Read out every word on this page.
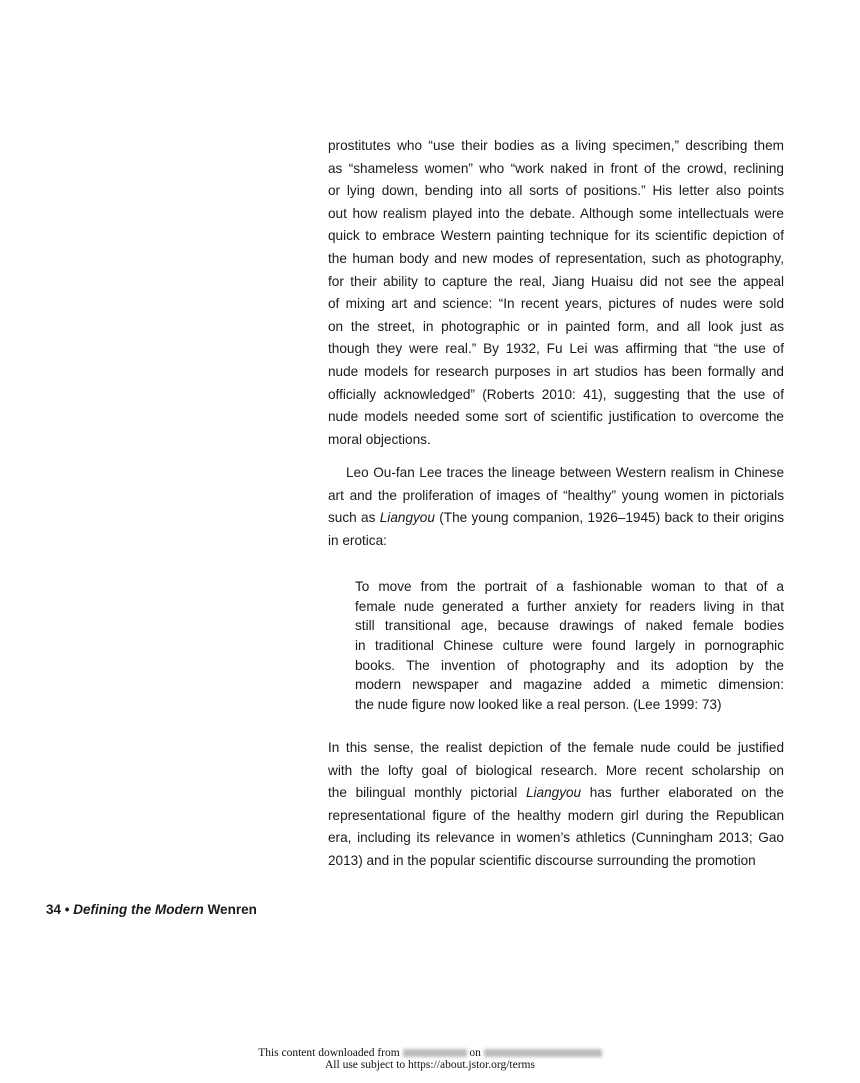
prostitutes who “use their bodies as a living specimen,” describing them
as “shameless women” who “work naked in front of the crowd, reclining
or lying down, bending into all sorts of positions.” His letter also points
out how realism played into the debate. Although some intellectuals were
quick to embrace Western painting technique for its scientific depiction of
the human body and new modes of representation, such as photography,
for their ability to capture the real, Jiang Huaisu did not see the appeal
of mixing art and science: “In recent years, pictures of nudes were sold
on the street, in photographic or in painted form, and all look just as
though they were real.” By 1932, Fu Lei was affirming that “the use of
nude models for research purposes in art studios has been formally and
officially acknowledged” (Roberts 2010: 41), suggesting that the use of
nude models needed some sort of scientific justification to overcome the
moral objections.
Leo Ou-fan Lee traces the lineage between Western realism in Chinese
art and the proliferation of images of “healthy” young women in pictorials
such as Liangyou (The young companion, 1926–1945) back to their origins
in erotica:
To move from the portrait of a fashionable woman to that of a
female nude generated a further anxiety for readers living in that
still transitional age, because drawings of naked female bodies
in traditional Chinese culture were found largely in pornographic
books. The invention of photography and its adoption by the
modern newspaper and magazine added a mimetic dimension:
the nude figure now looked like a real person. (Lee 1999: 73)
In this sense, the realist depiction of the female nude could be justified
with the lofty goal of biological research. More recent scholarship on
the bilingual monthly pictorial Liangyou has further elaborated on the
representational figure of the healthy modern girl during the Republican
era, including its relevance in women’s athletics (Cunningham 2013; Gao
2013) and in the popular scientific discourse surrounding the promotion
34 • Defining the Modern Wenren
This content downloaded from	on
All use subject to https://about.jstor.org/terms
